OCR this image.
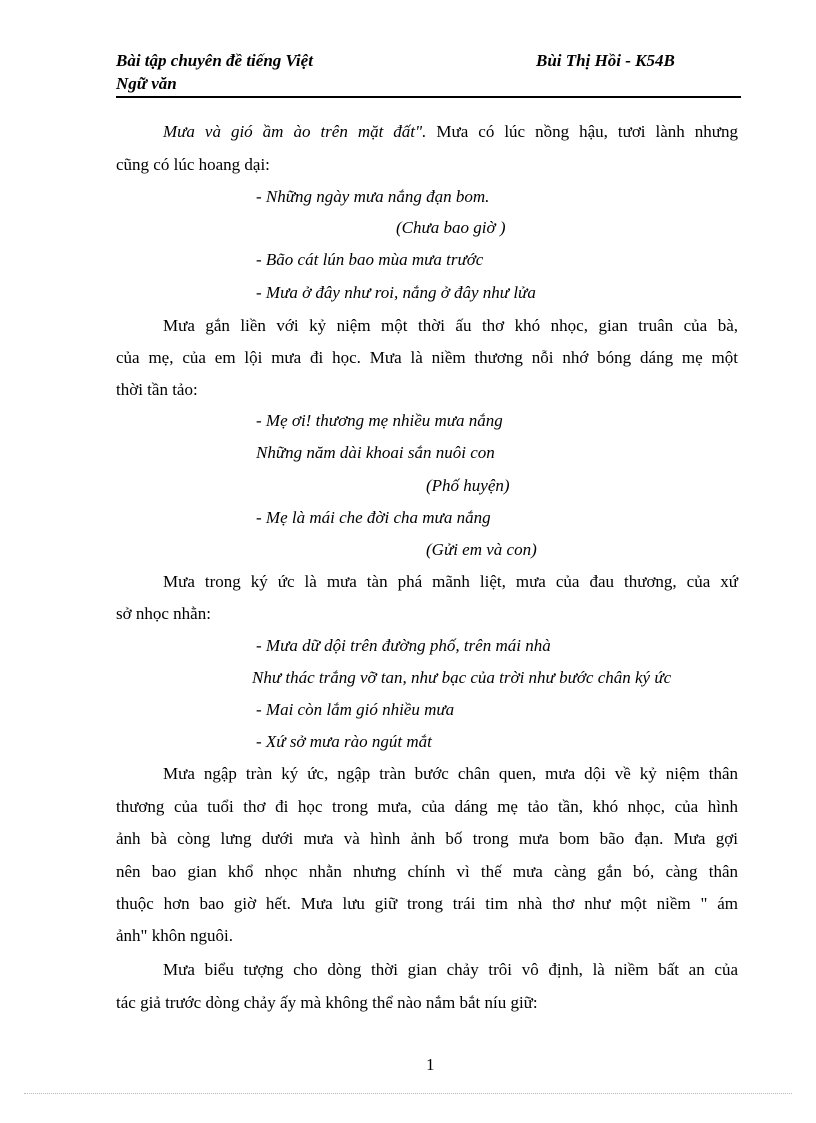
Bài tập chuyên đề tiếng Việt
Ngữ văn
Bùi Thị Hồi - K54B
Mưa và gió ầm ào trên mặt đất". Mưa có lúc nồng hậu, tươi lành nhưng
cũng có lúc hoang dại:
- Những ngày mưa nắng đạn bom.
(Chưa bao giờ )
- Bão cát lún bao mùa mưa trước
- Mưa ở đây như roi, nắng ở đây như lửa
Mưa gắn liền với kỷ niệm một thời ấu thơ khó nhọc, gian truân của bà,
của mẹ, của em lội mưa đi học. Mưa là niềm thương nỗi nhớ bóng dáng mẹ một
thời tần tảo:
- Mẹ ơi! thương mẹ nhiều mưa nắng
Những năm dài khoai sắn nuôi con
(Phố huyện)
- Mẹ là mái che đời cha mưa nắng
(Gửi em và con)
Mưa trong ký ức là mưa tàn phá mãnh liệt, mưa của đau thương, của xứ
sở nhọc nhằn:
- Mưa dữ dội trên đường phố, trên mái nhà
Như thác trắng vỡ tan, như bạc của trời như bước chân ký ức
- Mai còn lắm gió nhiều mưa
- Xứ sở mưa rào ngút mắt
Mưa ngập tràn ký ức, ngập tràn bước chân quen, mưa dội về kỷ niệm thân
thương của tuổi thơ đi học trong mưa, của dáng mẹ tảo tần, khó nhọc, của hình
ảnh bà còng lưng dưới mưa và hình ảnh bố trong mưa bom bão đạn. Mưa gợi
nên bao gian khổ nhọc nhằn nhưng chính vì thế mưa càng gắn bó, càng thân
thuộc hơn bao giờ hết. Mưa lưu giữ trong trái tim nhà thơ như một niềm " ám
ảnh" khôn nguôi.
Mưa biểu tượng cho dòng thời gian chảy trôi vô định, là niềm bất an của
tác giả trước dòng chảy ấy mà không thể nào nắm bắt níu giữ:
1
